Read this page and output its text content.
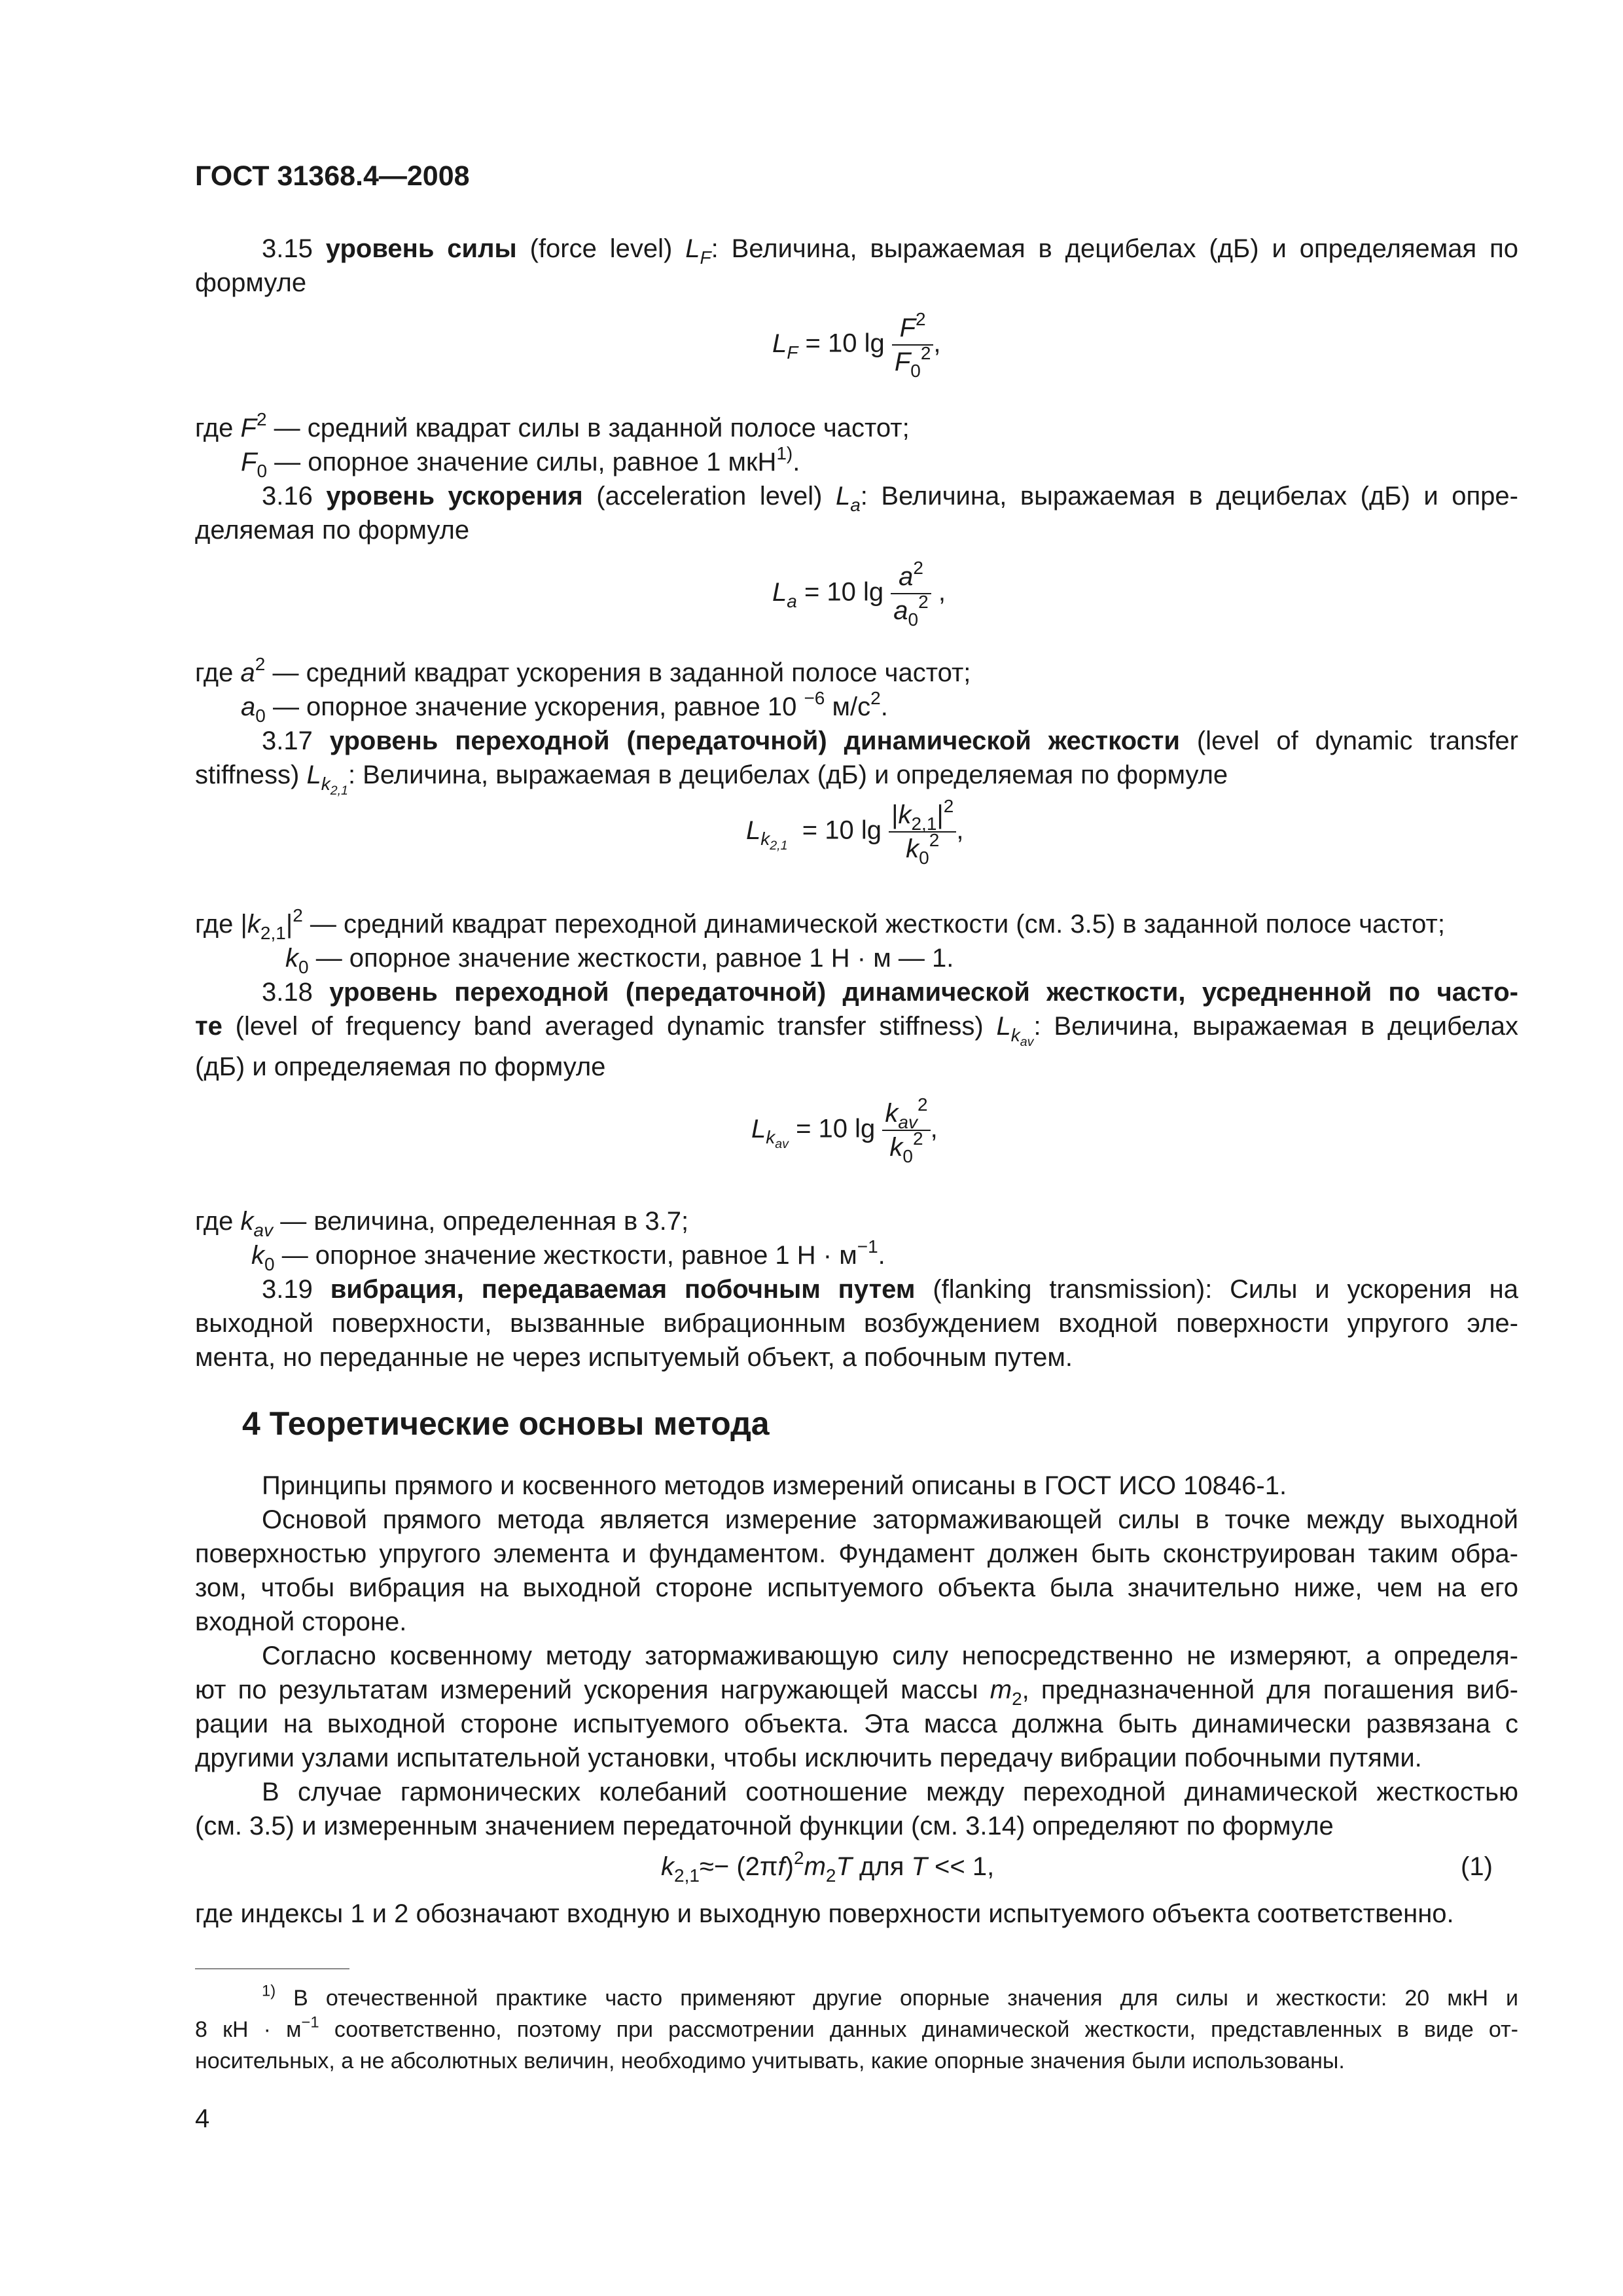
ГОСТ 31368.4—2008
3.15 уровень силы (force level) $L_F$: Величина, выражаемая в децибелах (дБ) и определяемая по
формуле
$L_F = 10$ $\lg \frac{F^2}{F_0^2}$ ,
где $F^2$ — средний квадрат силы в заданной полосе частот;
$F_0$ — опорное значение силы, равное 1 мкН$^{1)}$.
3.16 уровень ускорения (acceleration level) $L_a$: Величина, выражаемая в децибелах (дБ) и опре-
деляемая по формуле
$L_a = 10$ $\lg \frac{a^2}{a_0^2}$ ,
где $a^2$ — средний квадрат ускорения в заданной полосе частот;
$a_0$ — опорное значение ускорения, равное 10 $^{-6}$ $м/с^2$.
3.17 уровень переходной (передаточной) динамической жесткости (level of dynamic transfer
stiffness) $L_{k_{2,1}}$: Величина, выражаемая в децибелах (дБ) и определяемая по формуле
$L_{k_{2,1}} = 10$ $\lg \frac{|k_{2,1}|^2}{k_0^2}$ ,
где $|k_{2,1}|^2$ — средний квадрат переходной динамической жесткости (см. 3.5) в заданной полосе частот;
$k_0$ — опорное значение жесткости, равное 1 Н · м — 1.
3.18 уровень переходной (передаточной) динамической жесткости, усредненной по часто-
те (level of frequency band averaged dynamic transfer stiffness) $L_{k_{av}}$: Величина, выражаемая в децибелах
(дБ) и определяемая по формуле
$L_{k_{av}} = 10$ $\lg \frac{k_{av}^2}{k_0^2}$ ,
где $k_{av}$ — величина, определенная в 3.7;
$k_0$ — опорное значение жесткости, равное 1 $Н \cdot м^{-1}$.
3.19 вибрация, передаваемая побочным путем (flanking transmission): Силы и ускорения на
выходной поверхности, вызванные вибрационным возбуждением входной поверхности упругого эле-
мента, но переданные не через испытуемый объект, а побочным путем.
4 Теоретические основы метода
Принципы прямого и косвенного методов измерений описаны в ГОСТ ИСО 10846-1.
Основой прямого метода является измерение затормаживающей силы в точке между выходной
поверхностью упругого элемента и фундаментом. Фундамент должен быть сконструирован таким обра-
зом, чтобы вибрация на выходной стороне испытуемого объекта была значительно ниже, чем на его
входной стороне.
Согласно косвенному методу затормаживающую силу непосредственно не измеряют, а определя-
ют по результатам измерений ускорения нагружающей массы $m_2$, предназначенной для погашения виб-
рации на выходной стороне испытуемого объекта. Эта масса должна быть динамически развязана с
другими узлами испытательной установки, чтобы исключить передачу вибрации побочными путями.
В случае гармонических колебаний соотношение между переходной динамической жесткостью
(см. 3.5) и измеренным значением передаточной функции (см. 3.14) определяют по формуле
$k_{2,1}\approx- (2\pi f)^2m_2T$ для T << 1,	(1)
где индексы 1 и 2 обозначают входную и выходную поверхности испытуемого объекта соответственно.
$^{1)}$ В отечественной практике часто применяют другие опорные значения для силы и жесткости: 20 мкН и
8 кН · $м^{-1}$ соответственно, поэтому при рассмотрении данных динамической жесткости, представленных в виде от-
носительных, а не абсолютных величин, необходимо учитывать, какие опорные значения были использованы.
4
